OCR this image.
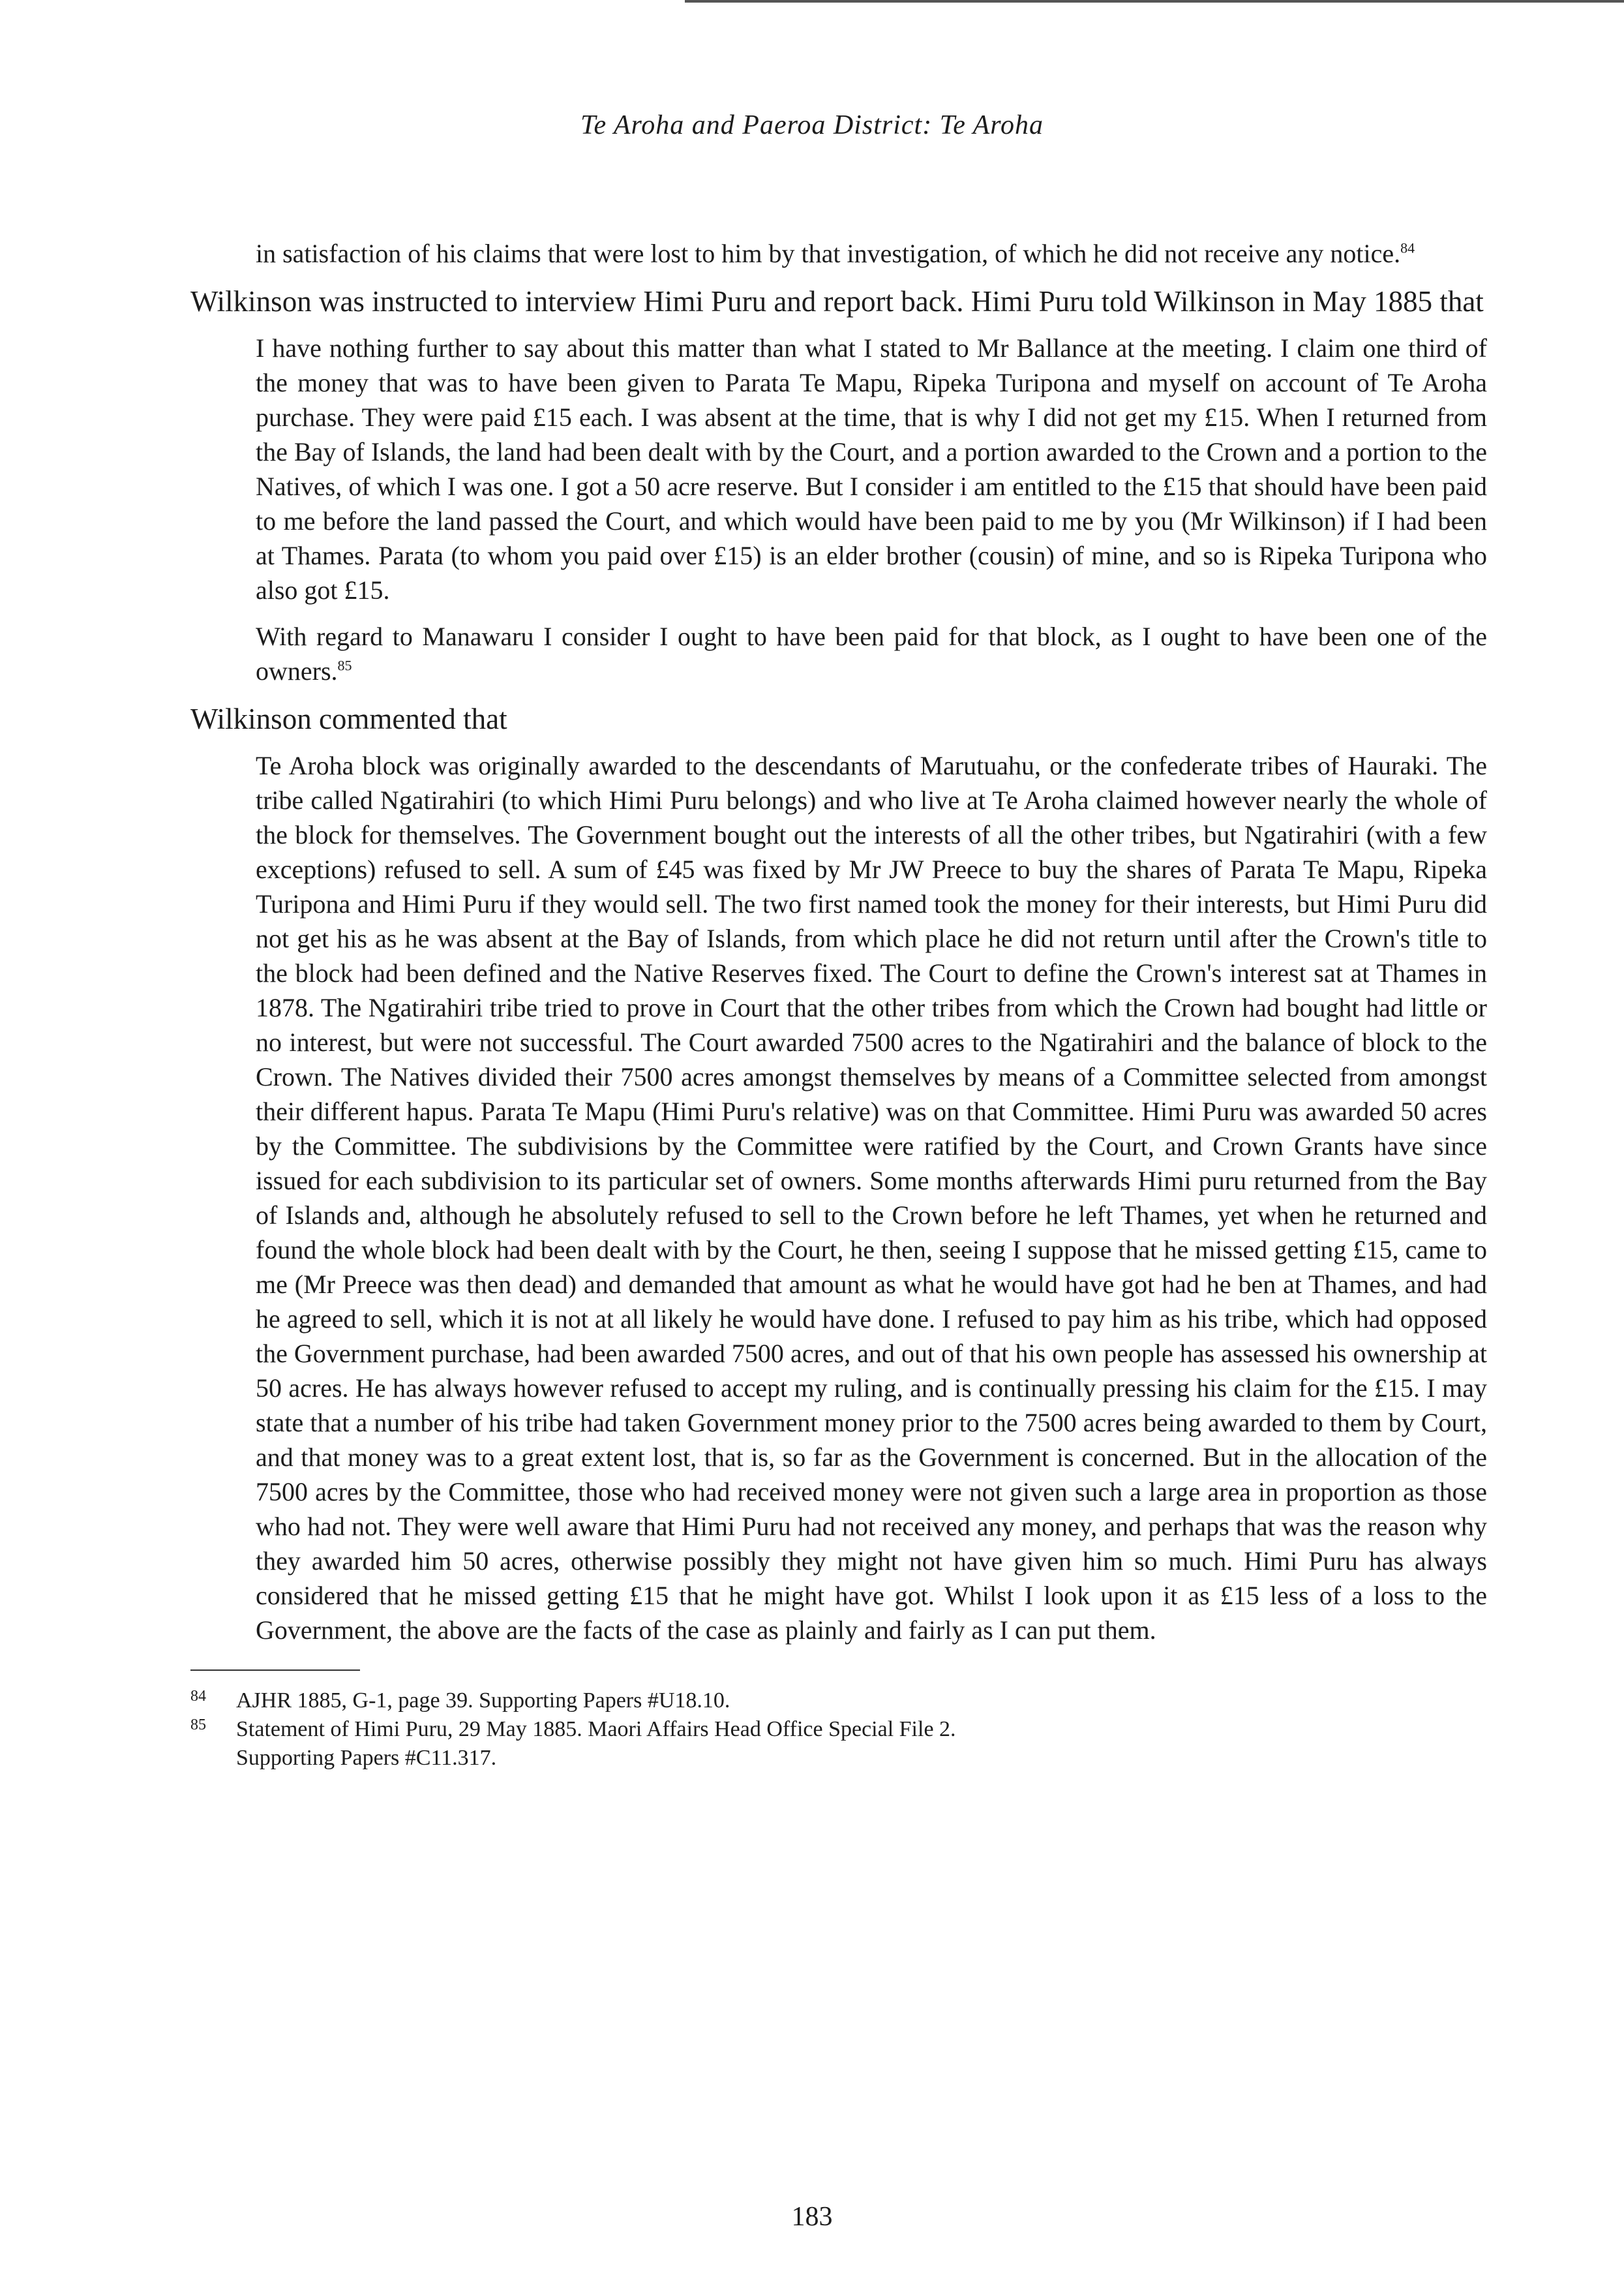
Te Aroha and Paeroa District: Te Aroha

in satisfaction of his claims that were lost to him by that investigation, of which he did not receive any notice.$^{84}$

Wilkinson was instructed to interview Himi Puru and report back. Himi Puru told Wilkinson in May 1885 that

I have nothing further to say about this matter than what I stated to Mr Ballance at the meeting. I claim one third of the money that was to have been given to Parata Te Mapu, Ripeka Turipona and myself on account of Te Aroha purchase. They were paid £15 each. I was absent at the time, that is why I did not get my £15. When I returned from the Bay of Islands, the land had been dealt with by the Court, and a portion awarded to the Crown and a portion to the Natives, of which I was one. I got a 50 acre reserve. But I consider i am entitled to the £15 that should have been paid to me before the land passed the Court, and which would have been paid to me by you (Mr Wilkinson) if I had been at Thames. Parata (to whom you paid over £15) is an elder brother (cousin) of mine, and so is Ripeka Turipona who also got £15.

With regard to Manawaru I consider I ought to have been paid for that block, as I ought to have been one of the owners.$^{85}$

Wilkinson commented that

Te Aroha block was originally awarded to the descendants of Marutuahu, or the confederate tribes of Hauraki. The tribe called Ngatirahiri (to which Himi Puru belongs) and who live at Te Aroha claimed however nearly the whole of the block for themselves. The Government bought out the interests of all the other tribes, but Ngatirahiri (with a few exceptions) refused to sell. A sum of £45 was fixed by Mr JW Preece to buy the shares of Parata Te Mapu, Ripeka Turipona and Himi Puru if they would sell. The two first named took the money for their interests, but Himi Puru did not get his as he was absent at the Bay of Islands, from which place he did not return until after the Crown's title to the block had been defined and the Native Reserves fixed. The Court to define the Crown's interest sat at Thames in 1878. The Ngatirahiri tribe tried to prove in Court that the other tribes from which the Crown had bought had little or no interest, but were not successful. The Court awarded 7500 acres to the Ngatirahiri and the balance of block to the Crown. The Natives divided their 7500 acres amongst themselves by means of a Committee selected from amongst their different hapus. Parata Te Mapu (Himi Puru's relative) was on that Committee. Himi Puru was awarded 50 acres by the Committee. The subdivisions by the Committee were ratified by the Court, and Crown Grants have since issued for each subdivision to its particular set of owners. Some months afterwards Himi puru returned from the Bay of Islands and, although he absolutely refused to sell to the Crown before he left Thames, yet when he returned and found the whole block had been dealt with by the Court, he then, seeing I suppose that he missed getting £15, came to me (Mr Preece was then dead) and demanded that amount as what he would have got had he ben at Thames, and had he agreed to sell, which it is not at all likely he would have done. I refused to pay him as his tribe, which had opposed the Government purchase, had been awarded 7500 acres, and out of that his own people has assessed his ownership at 50 acres. He has always however refused to accept my ruling, and is continually pressing his claim for the £15. I may state that a number of his tribe had taken Government money prior to the 7500 acres being awarded to them by Court, and that money was to a great extent lost, that is, so far as the Government is concerned. But in the allocation of the 7500 acres by the Committee, those who had received money were not given such a large area in proportion as those who had not. They were well aware that Himi Puru had not received any money, and perhaps that was the reason why they awarded him 50 acres, otherwise possibly they might not have given him so much. Himi Puru has always considered that he missed getting £15 that he might have got. Whilst I look upon it as £15 less of a loss to the Government, the above are the facts of the case as plainly and fairly as I can put them.

84	AJHR 1885, G-1, page 39. Supporting Papers #U18.10.
85	Statement of Himi Puru, 29 May 1885. Maori Affairs Head Office Special File 2.
Supporting Papers #C11.317.
183
